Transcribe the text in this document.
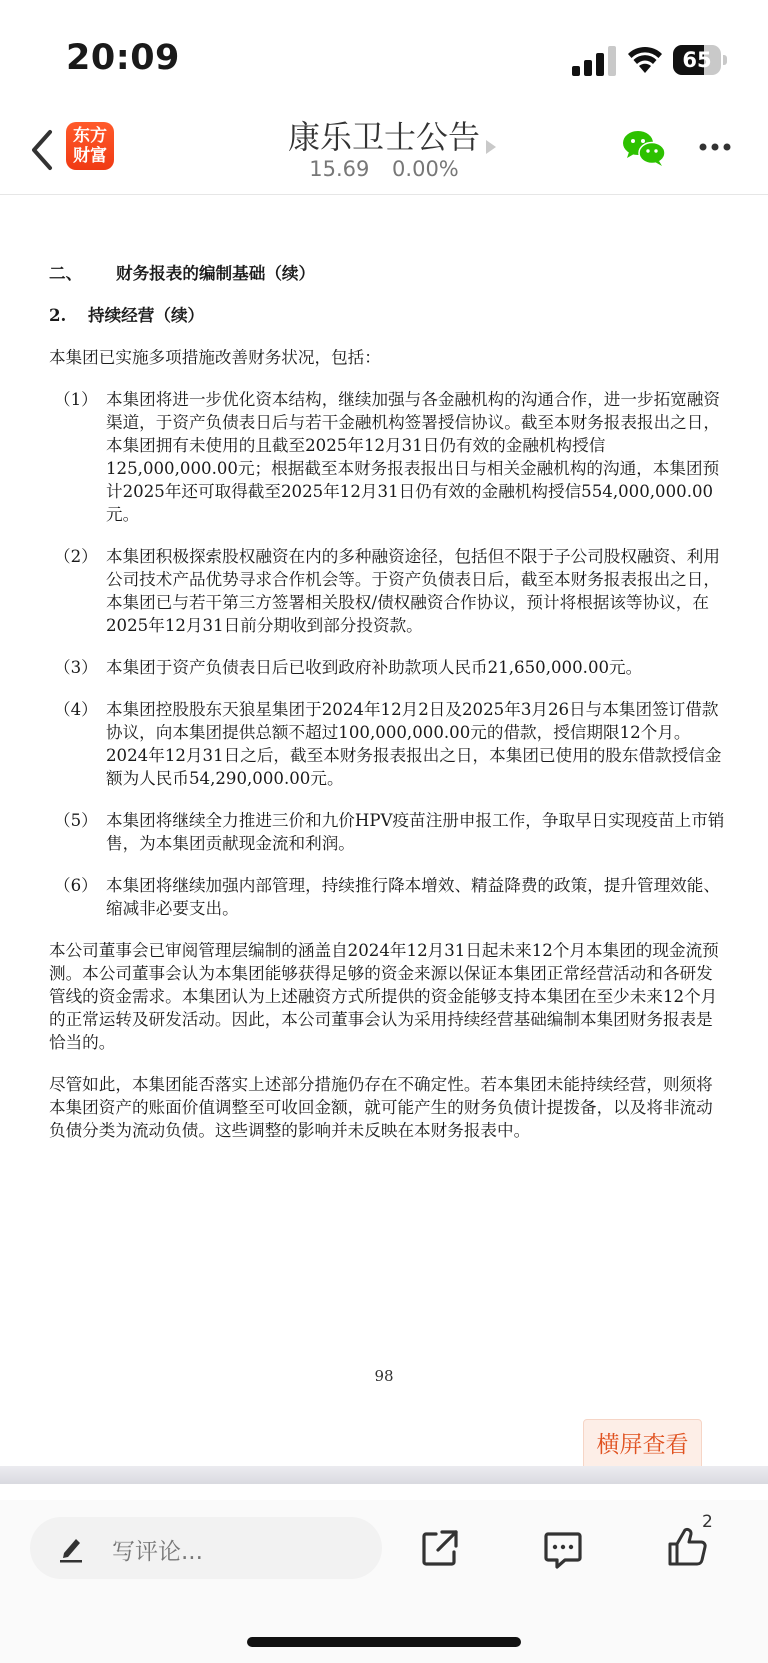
20:09	65
东方
财富	康乐卫士公告
15.69 0.00%
二、 财务报表的编制基础（续）
2. 持续经营（续）
本集团已实施多项措施改善财务状况，包括：
（1） 本集团将进一步优化资本结构，继续加强与各金融机构的沟通合作，进一步拓宽融资渠道，于资产负债表日后与若干金融机构签署授信协议。截至本财务报表报出之日，本集团拥有未使用的且截至2025年12月31日仍有效的金融机构授信125,000,000.00元；根据截至本财务报表报出日与相关金融机构的沟通，本集团预计2025年还可取得截至2025年12月31日仍有效的金融机构授信554,000,000.00元。
（2） 本集团积极探索股权融资在内的多种融资途径，包括但不限于子公司股权融资、利用公司技术产品优势寻求合作机会等。于资产负债表日后，截至本财务报表报出之日，本集团已与若干第三方签署相关股权/债权融资合作协议，预计将根据该等协议，在2025年12月31日前分期收到部分投资款。
（3） 本集团于资产负债表日后已收到政府补助款项人民币21,650,000.00元。
（4） 本集团控股股东天狼星集团于2024年12月2日及2025年3月26日与本集团签订借款协议，向本集团提供总额不超过100,000,000.00元的借款，授信期限12个月。2024年12月31日之后，截至本财务报表报出之日，本集团已使用的股东借款授信金额为人民币54,290,000.00元。
（5） 本集团将继续全力推进三价和九价HPV疫苗注册申报工作，争取早日实现疫苗上市销售，为本集团贡献现金流和利润。
（6） 本集团将继续加强内部管理，持续推行降本增效、精益降费的政策，提升管理效能、缩减非必要支出。
本公司董事会已审阅管理层编制的涵盖自2024年12月31日起未来12个月本集团的现金流预测。本公司董事会认为本集团能够获得足够的资金来源以保证本集团正常经营活动和各研发管线的资金需求。本集团认为上述融资方式所提供的资金能够支持本集团在至少未来12个月的正常运转及研发活动。因此，本公司董事会认为采用持续经营基础编制本集团财务报表是恰当的。
尽管如此，本集团能否落实上述部分措施仍存在不确定性。若本集团未能持续经营，则须将本集团资产的账面价值调整至可收回金额，就可能产生的财务负债计提拨备，以及将非流动负债分类为流动负债。这些调整的影响并未反映在本财务报表中。
98
横屏查看
写评论...
2
